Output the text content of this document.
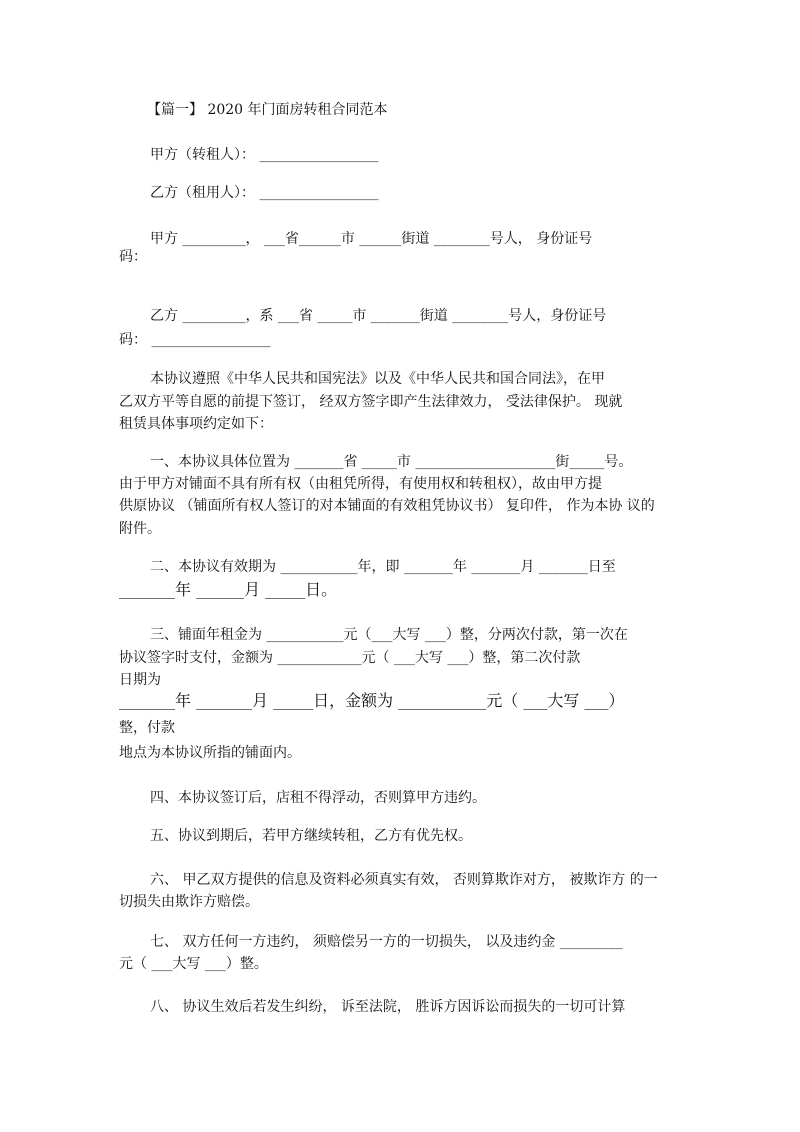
【篇一】 2020 年门面房转租合同范本
甲方（转租人）： _________________
乙方（租用人）： _________________
甲方 _________， ___省______市 ______街道 ________号人， 身份证号
码：
乙方 _________，系 ___省 _____市 _______街道 ________号人，身份证号
码： _________________
本协议遵照《中华人民共和国宪法》以及《中华人民共和国合同法》，在甲
乙双方平等自愿的前提下签订， 经双方签字即产生法律效力， 受法律保护。 现就
租赁具体事项约定如下：
一、本协议具体位置为 _______省 _____市 ____________________街_____号。
由于甲方对铺面不具有所有权（由租凭所得，有使用权和转租权），故由甲方提
供原协议 （铺面所有权人签订的对本铺面的有效租凭协议书） 复印件， 作为本协 议的
附件。
二、本协议有效期为 ___________年，即 _______年 _______月 _______日至
_______年 ______月 _____日。
三、铺面年租金为 ___________元（___大写 ___）整，分两次付款，第一次在
协议签字时支付，金额为 ____________元（ ___大写 ___）整，第二次付款
日期为
_______年 _______月 _____日，金额为 ___________元（ ___大写 ___）
整，付款
地点为本协议所指的铺面内。
四、本协议签订后，店租不得浮动，否则算甲方违约。
五、协议到期后，若甲方继续转租，乙方有优先权。
六、 甲乙双方提供的信息及资料必须真实有效， 否则算欺诈对方， 被欺诈方 的一
切损失由欺诈方赔偿。
七、 双方任何一方违约， 须赔偿另一方的一切损失， 以及违约金 _________
元（ ___大写 ___）整。
八、 协议生效后若发生纠纷， 诉至法院， 胜诉方因诉讼而损失的一切可计算
